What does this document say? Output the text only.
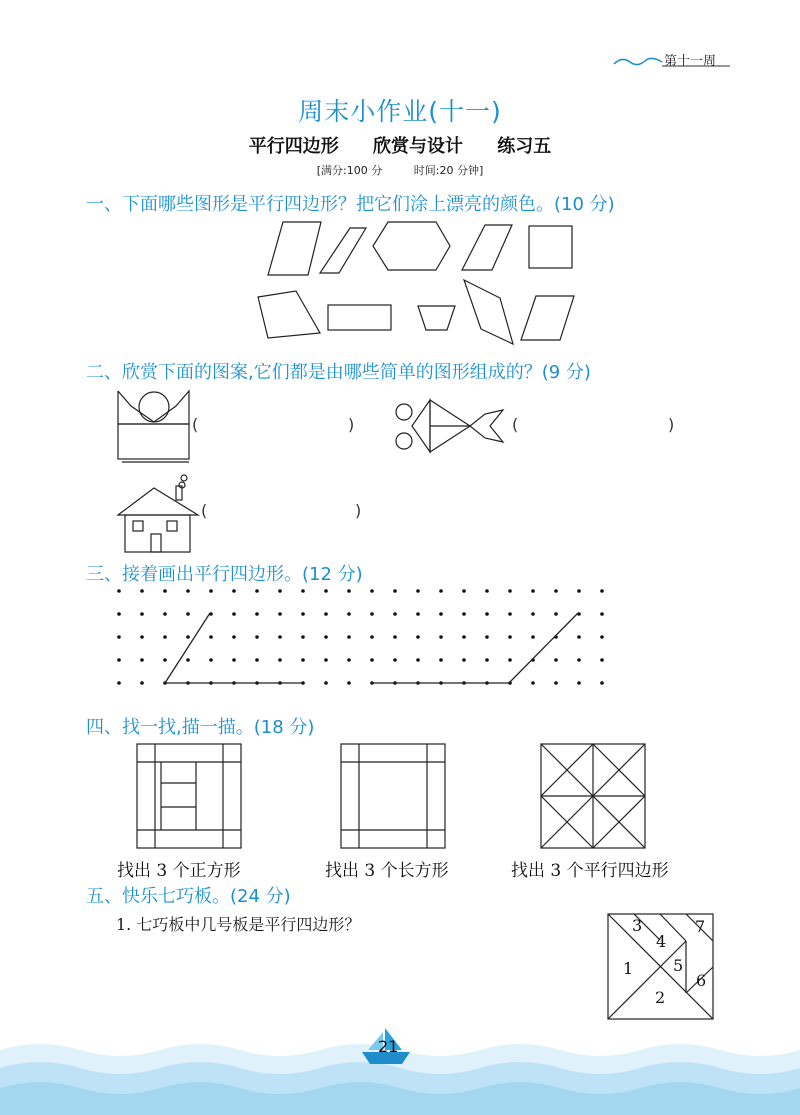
第十一周
周末小作业(十一)
平行四边形 欣赏与设计 练习五
[满分:100 分	时间:20 分钟]
一、下面哪些图形是平行四边形？把它们涂上漂亮的颜色。(10 分)
二、欣赏下面的图案,它们都是由哪些简单的图形组成的？(9 分)
(	)	(	)
(	)
三、接着画出平行四边形。(12 分)
四、找一找,描一描。(18 分)
找出 3 个正方形	找出 3 个长方形	找出 3 个平行四边形
五、快乐七巧板。(24 分)
1. 七巧板中几号板是平行四边形？	3	7
4
5
1
6
2
21
